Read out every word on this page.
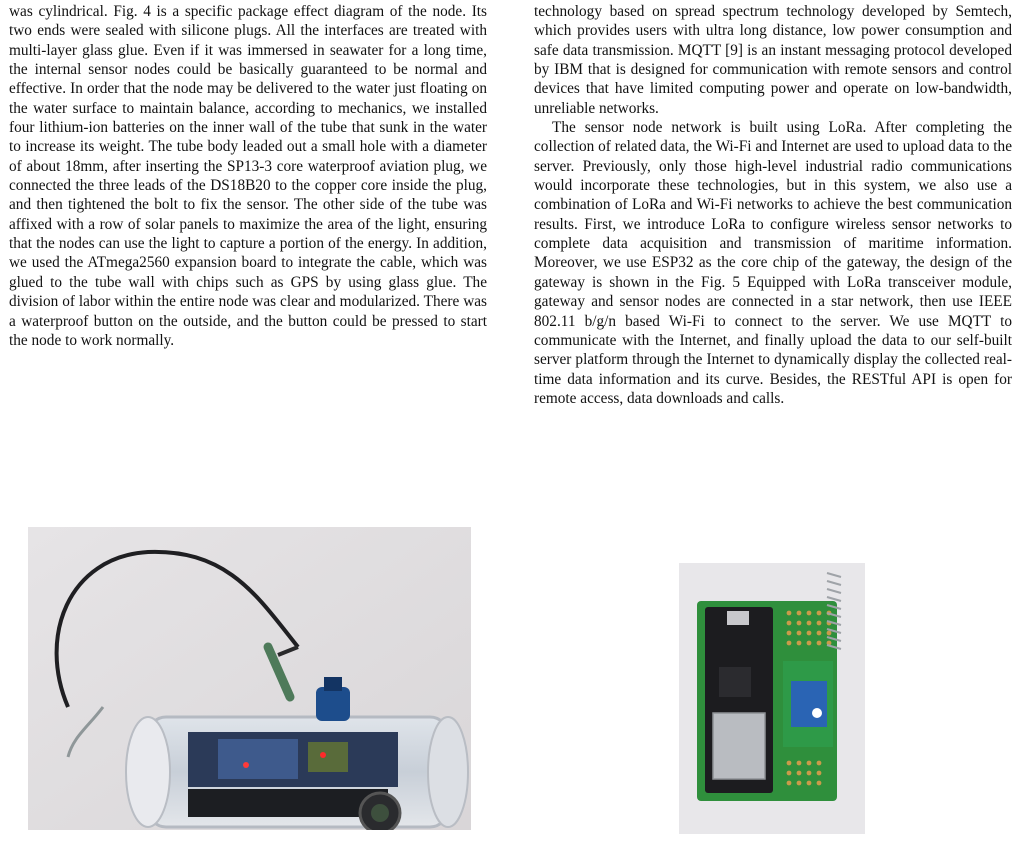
was cylindrical. Fig. 4 is a specific package effect diagram of the node. Its two ends were sealed with silicone plugs. All the interfaces are treated with multi-layer glass glue. Even if it was immersed in seawater for a long time, the internal sensor nodes could be basically guaranteed to be normal and effective. In order that the node may be delivered to the water just floating on the water surface to maintain balance, according to mechanics, we installed four lithium-ion batteries on the inner wall of the tube that sunk in the water to increase its weight. The tube body leaded out a small hole with a diameter of about 18mm, after inserting the SP13-3 core waterproof aviation plug, we connected the three leads of the DS18B20 to the copper core inside the plug, and then tightened the bolt to fix the sensor. The other side of the tube was affixed with a row of solar panels to maximize the area of the light, ensuring that the nodes can use the light to capture a portion of the energy. In addition, we used the ATmega2560 expansion board to integrate the cable, which was glued to the tube wall with chips such as GPS by using glass glue. The division of labor within the entire node was clear and modularized. There was a waterproof button on the outside, and the button could be pressed to start the node to work normally.

technology based on spread spectrum technology developed by Semtech, which provides users with ultra long distance, low power consumption and safe data transmission. MQTT [9] is an instant messaging protocol developed by IBM that is designed for communication with remote sensors and control devices that have limited computing power and operate on low-bandwidth, unreliable networks.

The sensor node network is built using LoRa. After completing the collection of related data, the Wi-Fi and Internet are used to upload data to the server. Previously, only those high-level industrial radio communications would incorporate these technologies, but in this system, we also use a combination of LoRa and Wi-Fi networks to achieve the best communication results. First, we introduce LoRa to configure wireless sensor networks to complete data acquisition and transmission of maritime information. Moreover, we use ESP32 as the core chip of the gateway, the design of the gateway is shown in the Fig. 5 Equipped with LoRa transceiver module, gateway and sensor nodes are connected in a star network, then use IEEE 802.11 b/g/n based Wi-Fi to connect to the server. We use MQTT to communicate with the Internet, and finally upload the data to our self-built server platform through the Internet to dynamically display the collected real-time data information and its curve. Besides, the RESTful API is open for remote access, data downloads and calls.
